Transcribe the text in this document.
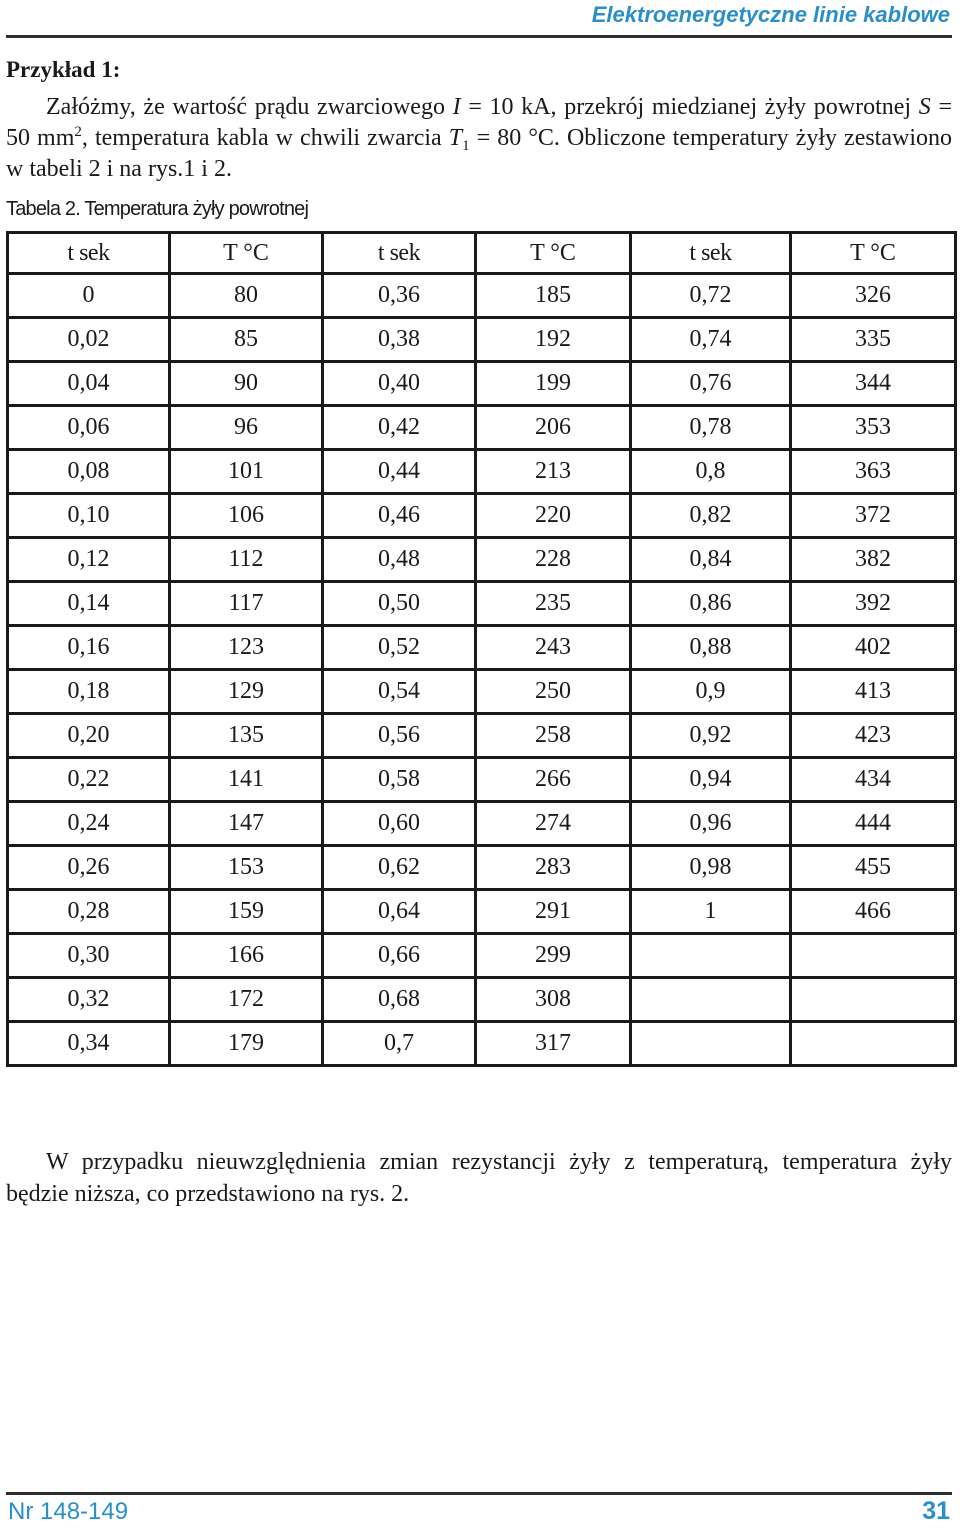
Elektroenergetyczne linie kablowe
Przykład 1:

Załóżmy, że wartość prądu zwarciowego I = 10 kA, przekrój miedzianej żyły powrotnej S = 50 $mm^2$, temperatura kabla w chwili zwarcia $T_1 = 80$ °C. Obliczone temperatury żyły zestawiono w tabeli 2 i na rys.1 i 2.

Tabela 2. Temperatura żyły powrotnej
t sek	T °C	t sek	T °C	t sek	T °C
0	80	0,36	185	0,72	326
0,02	85	0,38	192	0,74	335
0,04	90	0,40	199	0,76	344
0,06	96	0,42	206	0,78	353
0,08	101	0,44	213	0,8	363
0,10	106	0,46	220	0,82	372
0,12	112	0,48	228	0,84	382
0,14	117	0,50	235	0,86	392
0,16	123	0,52	243	0,88	402
0,18	129	0,54	250	0,9	413
0,20	135	0,56	258	0,92	423
0,22	141	0,58	266	0,94	434
0,24	147	0,60	274	0,96	444
0,26	153	0,62	283	0,98	455
0,28	159	0,64	291	1	466
0,30	166	0,66	299		
0,32	172	0,68	308		
0,34	179	0,7	317		

W przypadku nieuwzględnienia zmian rezystancji żyły z temperaturą, temperatura żyły będzie niższa, co przedstawiono na rys. 2.

Nr 148-149	31
